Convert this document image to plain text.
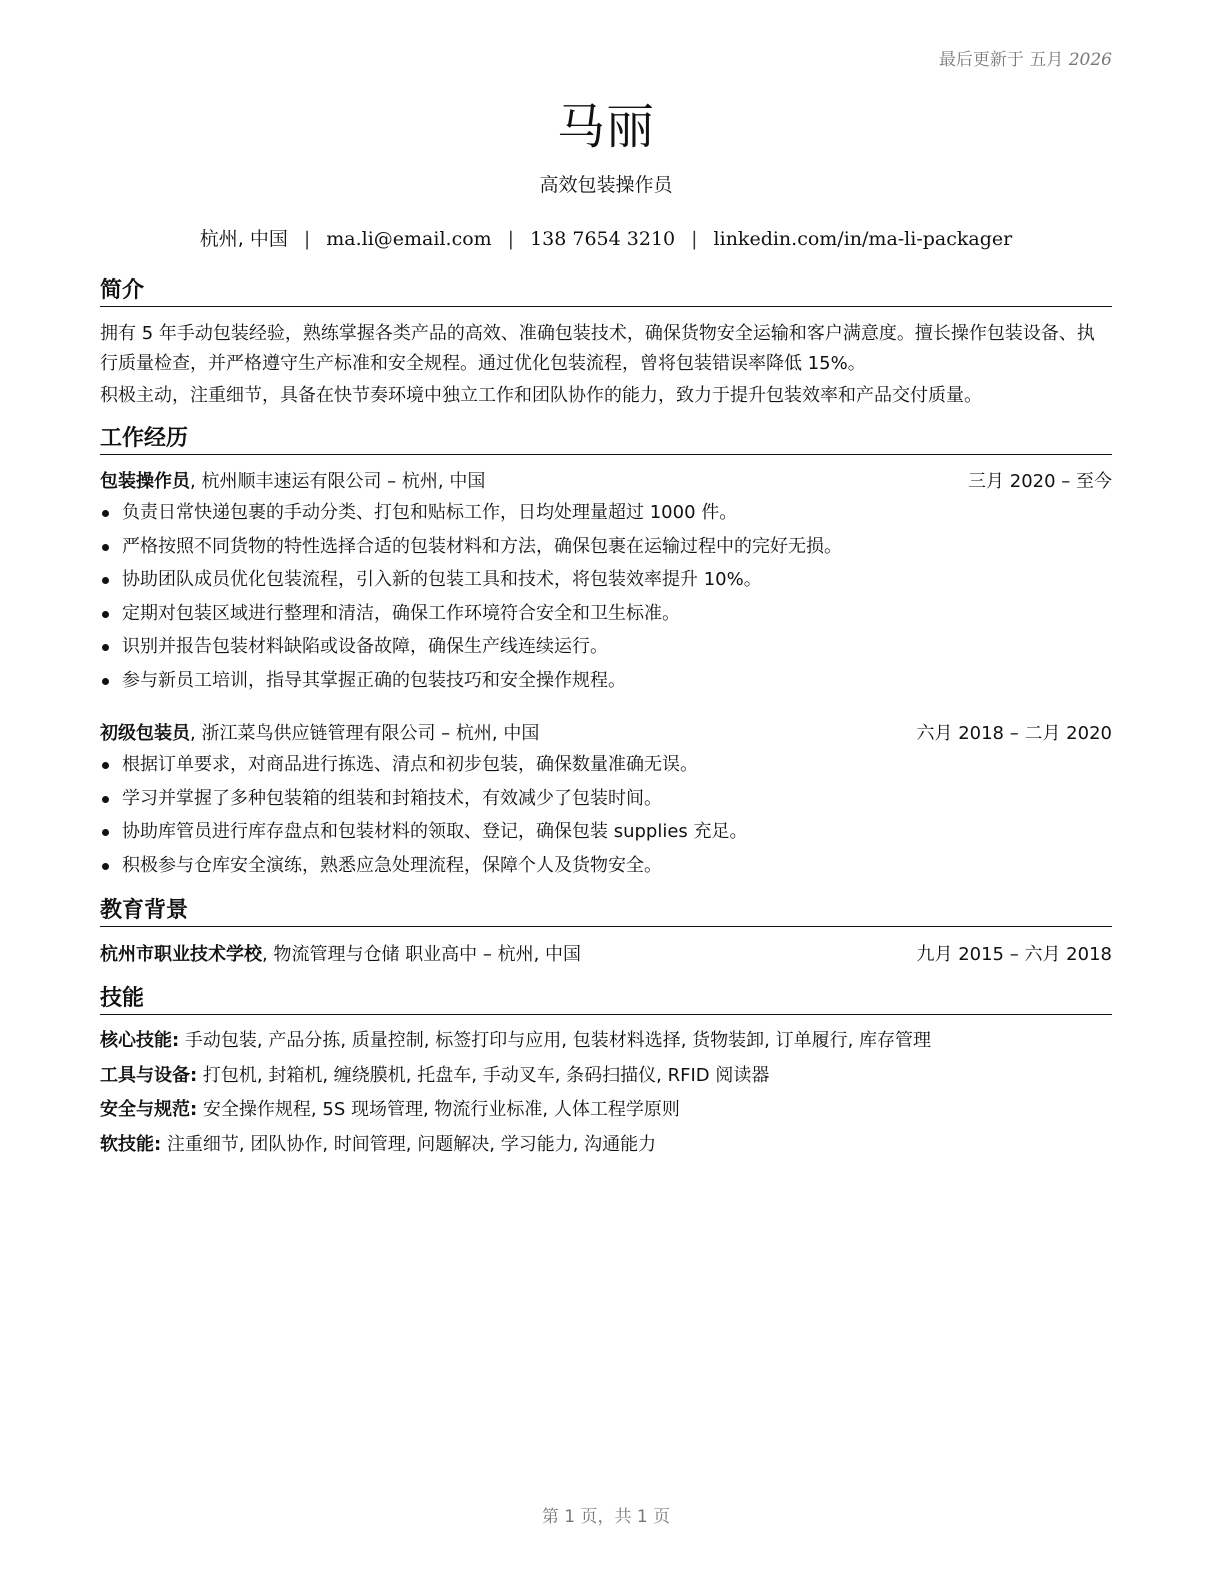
最后更新于 五月 2026
马丽
高效包装操作员
杭州, 中国 | ma.li@email.com | 138 7654 3210 | linkedin.com/in/ma-li-packager
简介
拥有 5 年手动包装经验，熟练掌握各类产品的高效、准确包装技术，确保货物安全运输和客户满意度。擅长操作包装设备、执行质量检查，并严格遵守生产标准和安全规程。通过优化包装流程，曾将包装错误率降低 15%。
积极主动，注重细节，具备在快节奏环境中独立工作和团队协作的能力，致力于提升包装效率和产品交付质量。
工作经历
包装操作员, 杭州顺丰速运有限公司 – 杭州, 中国	三月 2020 – 至今
负责日常快递包裹的手动分类、打包和贴标工作，日均处理量超过 1000 件。
严格按照不同货物的特性选择合适的包装材料和方法，确保包裹在运输过程中的完好无损。
协助团队成员优化包装流程，引入新的包装工具和技术，将包装效率提升 10%。
定期对包装区域进行整理和清洁，确保工作环境符合安全和卫生标准。
识别并报告包装材料缺陷或设备故障，确保生产线连续运行。
参与新员工培训，指导其掌握正确的包装技巧和安全操作规程。
初级包装员, 浙江菜鸟供应链管理有限公司 – 杭州, 中国	六月 2018 – 二月 2020
根据订单要求，对商品进行拣选、清点和初步包装，确保数量准确无误。
学习并掌握了多种包装箱的组装和封箱技术，有效减少了包装时间。
协助库管员进行库存盘点和包装材料的领取、登记，确保包装 supplies 充足。
积极参与仓库安全演练，熟悉应急处理流程，保障个人及货物安全。
教育背景
杭州市职业技术学校, 物流管理与仓储 职业高中 – 杭州, 中国	九月 2015 – 六月 2018
技能
核心技能: 手动包装, 产品分拣, 质量控制, 标签打印与应用, 包装材料选择, 货物装卸, 订单履行, 库存管理
工具与设备: 打包机, 封箱机, 缠绕膜机, 托盘车, 手动叉车, 条码扫描仪, RFID 阅读器
安全与规范: 安全操作规程, 5S 现场管理, 物流行业标准, 人体工程学原则
软技能: 注重细节, 团队协作, 时间管理, 问题解决, 学习能力, 沟通能力
第 1 页，共 1 页
